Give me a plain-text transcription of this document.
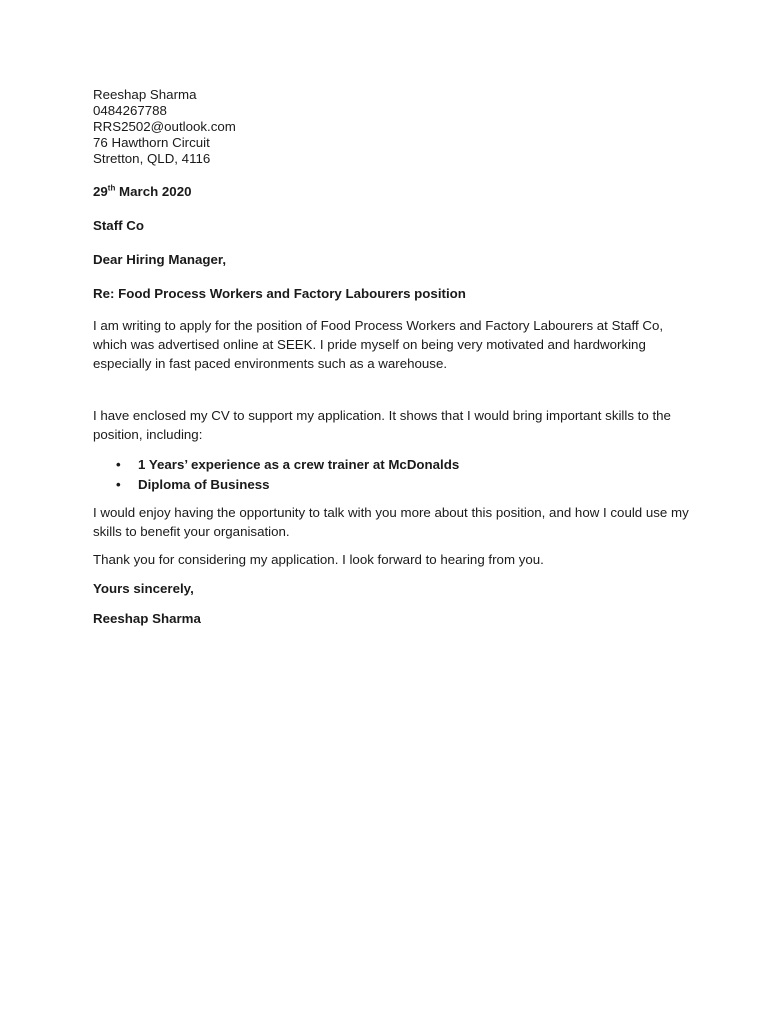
Reeshap Sharma
0484267788
RRS2502@outlook.com
76 Hawthorn Circuit
Stretton, QLD, 4116
29th March 2020
Staff Co
Dear Hiring Manager,
Re: Food Process Workers and Factory Labourers position
I am writing to apply for the position of Food Process Workers and Factory Labourers at Staff Co, which was advertised online at SEEK. I pride myself on being very motivated and hardworking especially in fast paced environments such as a warehouse.
I have enclosed my CV to support my application. It shows that I would bring important skills to the position, including:
• 1 Years’ experience as a crew trainer at McDonalds
• Diploma of Business
I would enjoy having the opportunity to talk with you more about this position, and how I could use my skills to benefit your organisation.
Thank you for considering my application. I look forward to hearing from you.
Yours sincerely,
Reeshap Sharma
